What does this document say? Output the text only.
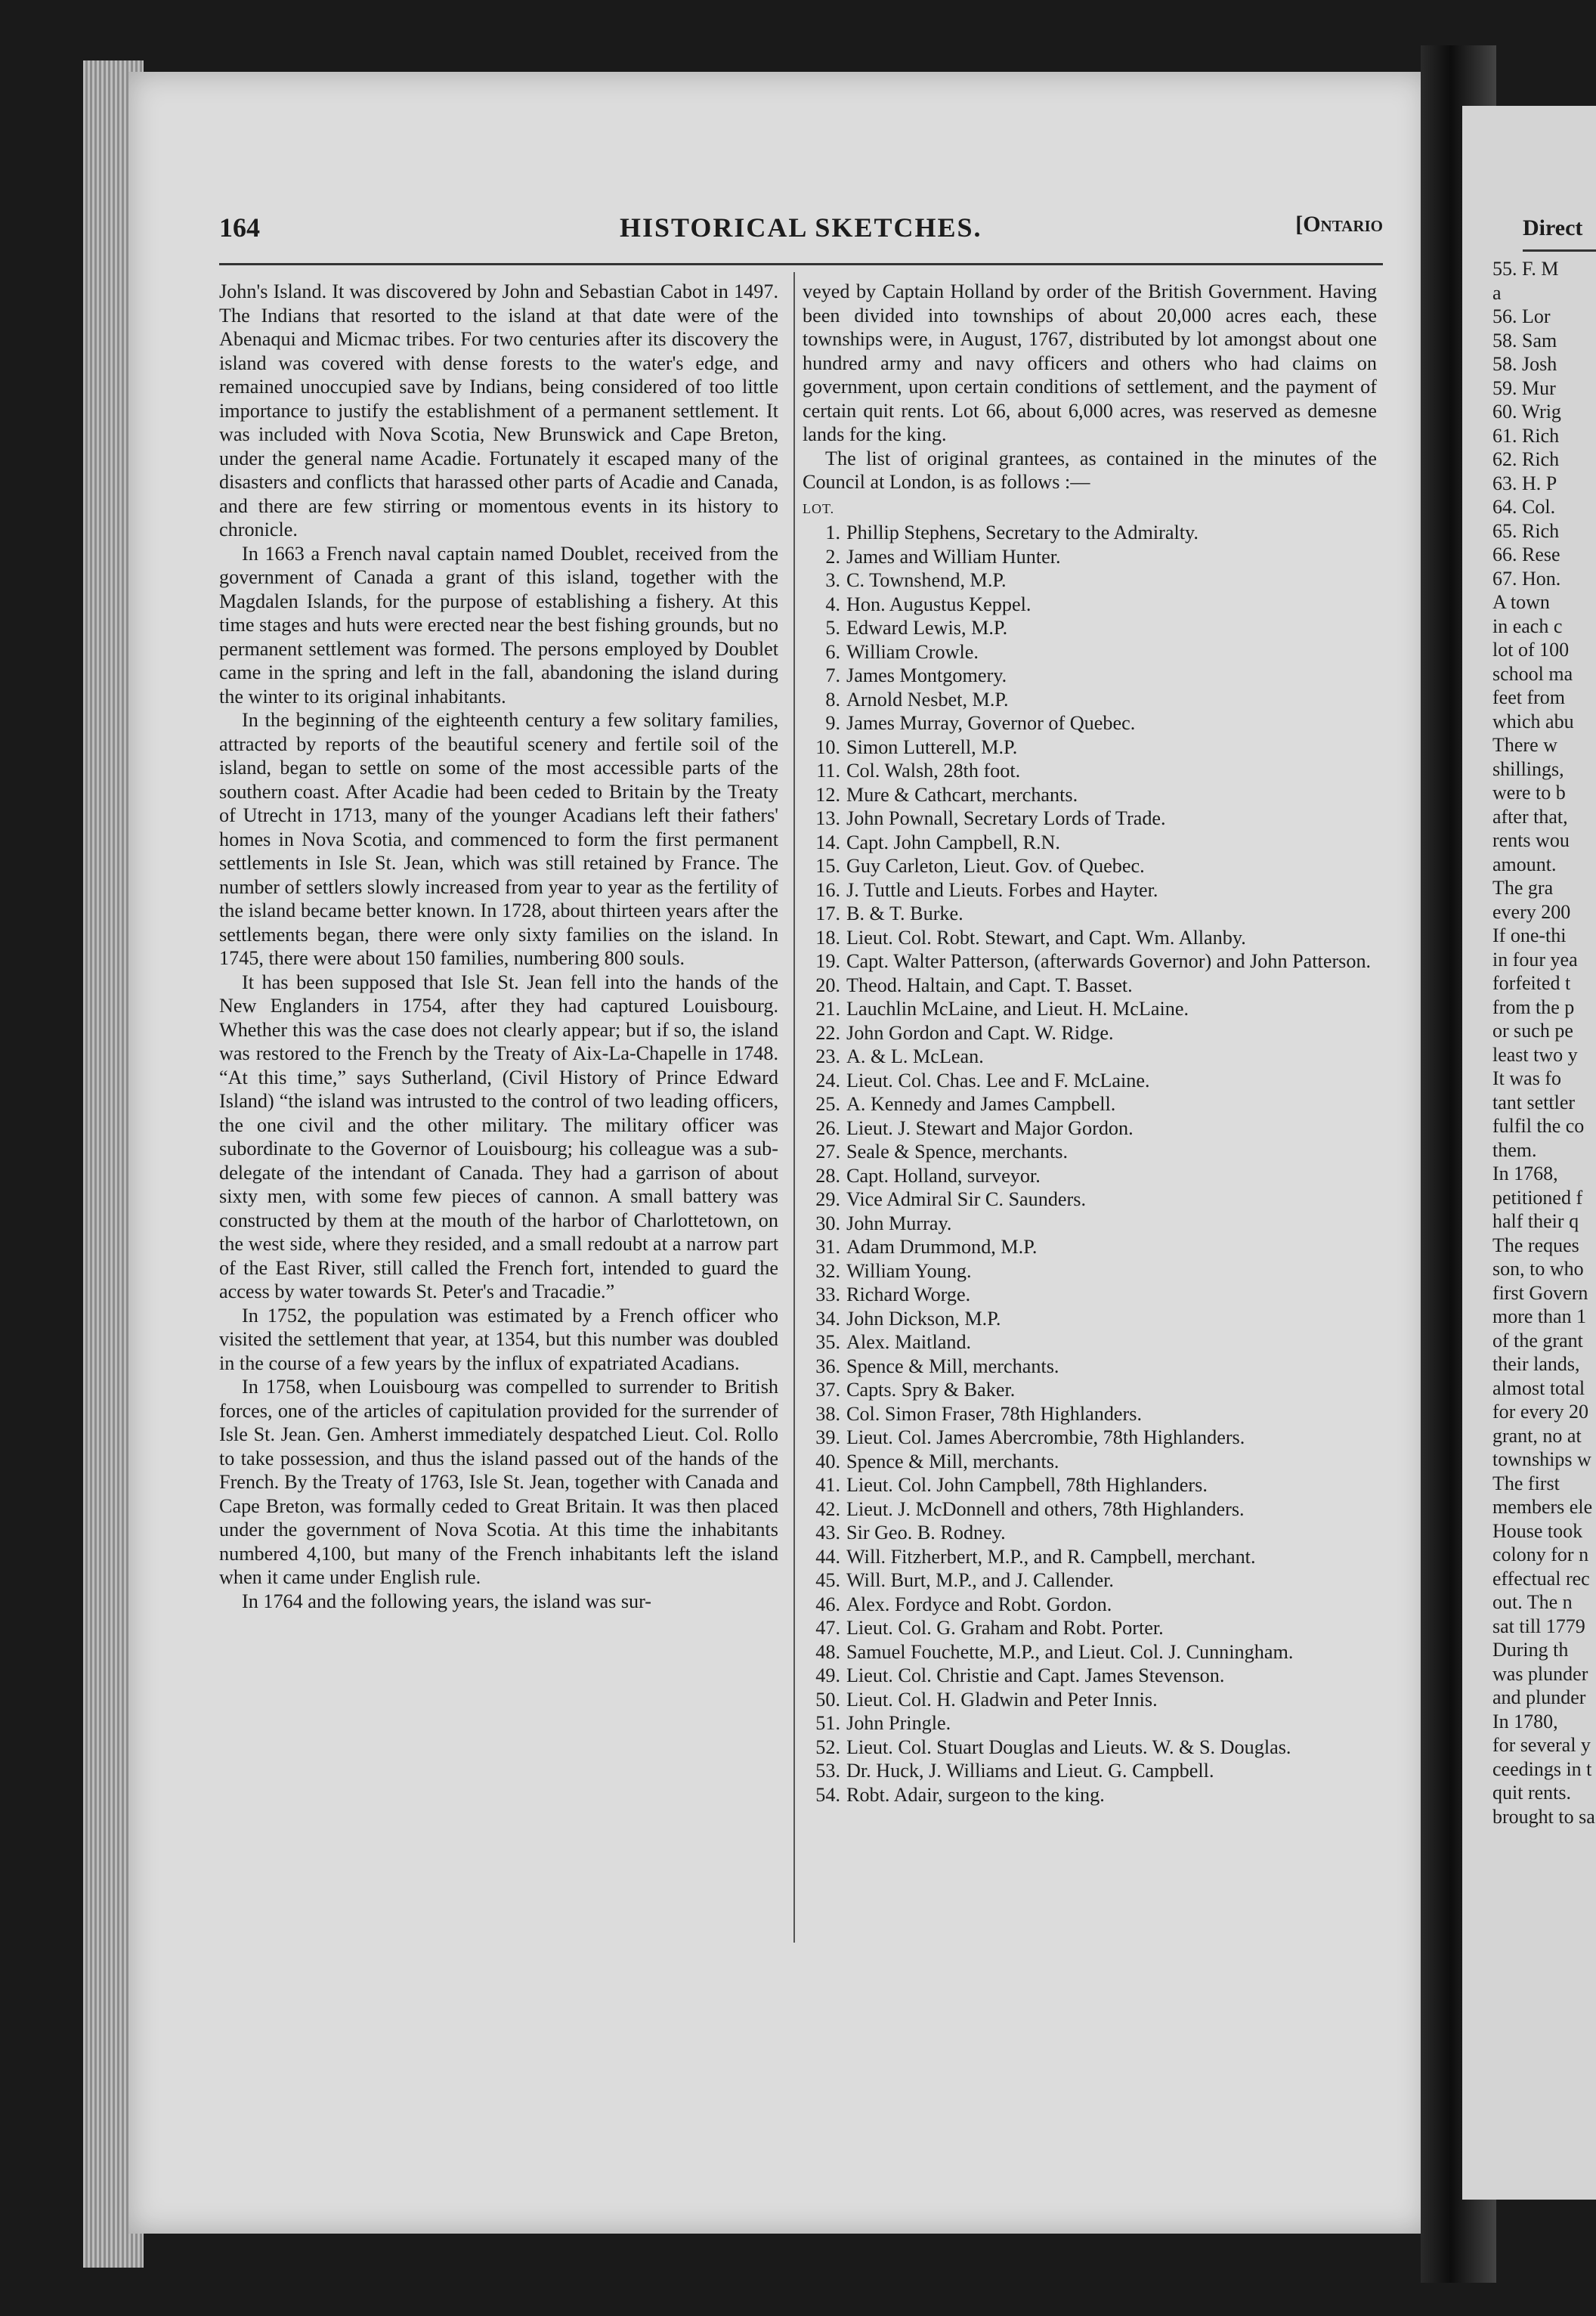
Direct
55. F. M
a
56. Lor
58. Sam
58. Josh
59. Mur
60. Wrig
61. Rich
62. Rich
63. H. P
64. Col.
65. Rich
66. Rese
67. Hon.
A town
in each c
lot of 100
school ma
feet from
which abu
There w
shillings,
were to b
after that,
rents wou
amount.
The gra
every 200
If one-thi
in four yea
forfeited t
from the p
or such pe
least two y
It was fo
tant settler
fulfil the co
them.
In 1768,
petitioned f
half their q
The reques
son, to who
first Govern
more than 1
of the grant
their lands,
almost total
for every 20
grant, no at
townships w
The first
members ele
House took
colony for n
effectual rec
out. The n
sat till 1779
During th
was plunder
and plunder
In 1780,
for several y
ceedings in t
quit rents.
brought to sa
164	HISTORICAL SKETCHES.	[Ontario

John's Island. It was discovered by John and Sebastian Cabot in 1497. The Indians that resorted to the island at that date were of the Abenaqui and Micmac tribes. For two centuries after its discovery the island was covered with dense forests to the water's edge, and remained unoccupied save by Indians, being considered of too little importance to justify the establishment of a permanent settlement. It was included with Nova Scotia, New Brunswick and Cape Breton, under the general name Acadie. Fortunately it escaped many of the disasters and conflicts that harassed other parts of Acadie and Canada, and there are few stirring or momentous events in its history to chronicle.

In 1663 a French naval captain named Doublet, received from the government of Canada a grant of this island, together with the Magdalen Islands, for the purpose of establishing a fishery. At this time stages and huts were erected near the best fishing grounds, but no permanent settlement was formed. The persons employed by Doublet came in the spring and left in the fall, abandoning the island during the winter to its original inhabitants.

In the beginning of the eighteenth century a few solitary families, attracted by reports of the beautiful scenery and fertile soil of the island, began to settle on some of the most accessible parts of the southern coast. After Acadie had been ceded to Britain by the Treaty of Utrecht in 1713, many of the younger Acadians left their fathers' homes in Nova Scotia, and commenced to form the first permanent settlements in Isle St. Jean, which was still retained by France. The number of settlers slowly increased from year to year as the fertility of the island became better known. In 1728, about thirteen years after the settlements began, there were only sixty families on the island. In 1745, there were about 150 families, numbering 800 souls.

It has been supposed that Isle St. Jean fell into the hands of the New Englanders in 1754, after they had captured Louisbourg. Whether this was the case does not clearly appear; but if so, the island was restored to the French by the Treaty of Aix-La-Chapelle in 1748. “At this time,” says Sutherland, (Civil History of Prince Edward Island) “the island was intrusted to the control of two leading officers, the one civil and the other military. The military officer was subordinate to the Governor of Louisbourg; his colleague was a sub-delegate of the intendant of Canada. They had a garrison of about sixty men, with some few pieces of cannon. A small battery was constructed by them at the mouth of the harbor of Charlottetown, on the west side, where they resided, and a small redoubt at a narrow part of the East River, still called the French fort, intended to guard the access by water towards St. Peter's and Tracadie.”

In 1752, the population was estimated by a French officer who visited the settlement that year, at 1354, but this number was doubled in the course of a few years by the influx of expatriated Acadians.

In 1758, when Louisbourg was compelled to surrender to British forces, one of the articles of capitulation provided for the surrender of Isle St. Jean. Gen. Amherst immediately despatched Lieut. Col. Rollo to take possession, and thus the island passed out of the hands of the French. By the Treaty of 1763, Isle St. Jean, together with Canada and Cape Breton, was formally ceded to Great Britain. It was then placed under the government of Nova Scotia. At this time the inhabitants numbered 4,100, but many of the French inhabitants left the island when it came under English rule.

In 1764 and the following years, the island was sur-

veyed by Captain Holland by order of the British Government. Having been divided into townships of about 20,000 acres each, these townships were, in August, 1767, distributed by lot amongst about one hundred army and navy officers and others who had claims on government, upon certain conditions of settlement, and the payment of certain quit rents. Lot 66, about 6,000 acres, was reserved as demesne lands for the king.

The list of original grantees, as contained in the minutes of the Council at London, is as follows :—

LOT.
1. Phillip Stephens, Secretary to the Admiralty.
2. James and William Hunter.
3. C. Townshend, M.P.
4. Hon. Augustus Keppel.
5. Edward Lewis, M.P.
6. William Crowle.
7. James Montgomery.
8. Arnold Nesbet, M.P.
9. James Murray, Governor of Quebec.
10. Simon Lutterell, M.P.
11. Col. Walsh, 28th foot.
12. Mure & Cathcart, merchants.
13. John Pownall, Secretary Lords of Trade.
14. Capt. John Campbell, R.N.
15. Guy Carleton, Lieut. Gov. of Quebec.
16. J. Tuttle and Lieuts. Forbes and Hayter.
17. B. & T. Burke.
18. Lieut. Col. Robt. Stewart, and Capt. Wm. Allanby.
19. Capt. Walter Patterson, (afterwards Governor) and John Patterson.
20. Theod. Haltain, and Capt. T. Basset.
21. Lauchlin McLaine, and Lieut. H. McLaine.
22. John Gordon and Capt. W. Ridge.
23. A. & L. McLean.
24. Lieut. Col. Chas. Lee and F. McLaine.
25. A. Kennedy and James Campbell.
26. Lieut. J. Stewart and Major Gordon.
27. Seale & Spence, merchants.
28. Capt. Holland, surveyor.
29. Vice Admiral Sir C. Saunders.
30. John Murray.
31. Adam Drummond, M.P.
32. William Young.
33. Richard Worge.
34. John Dickson, M.P.
35. Alex. Maitland.
36. Spence & Mill, merchants.
37. Capts. Spry & Baker.
38. Col. Simon Fraser, 78th Highlanders.
39. Lieut. Col. James Abercrombie, 78th Highlanders.
40. Spence & Mill, merchants.
41. Lieut. Col. John Campbell, 78th Highlanders.
42. Lieut. J. McDonnell and others, 78th Highlanders.
43. Sir Geo. B. Rodney.
44. Will. Fitzherbert, M.P., and R. Campbell, merchant.
45. Will. Burt, M.P., and J. Callender.
46. Alex. Fordyce and Robt. Gordon.
47. Lieut. Col. G. Graham and Robt. Porter.
48. Samuel Fouchette, M.P., and Lieut. Col. J. Cunningham.
49. Lieut. Col. Christie and Capt. James Stevenson.
50. Lieut. Col. H. Gladwin and Peter Innis.
51. John Pringle.
52. Lieut. Col. Stuart Douglas and Lieuts. W. & S. Douglas.
53. Dr. Huck, J. Williams and Lieut. G. Campbell.
54. Robt. Adair, surgeon to the king.
